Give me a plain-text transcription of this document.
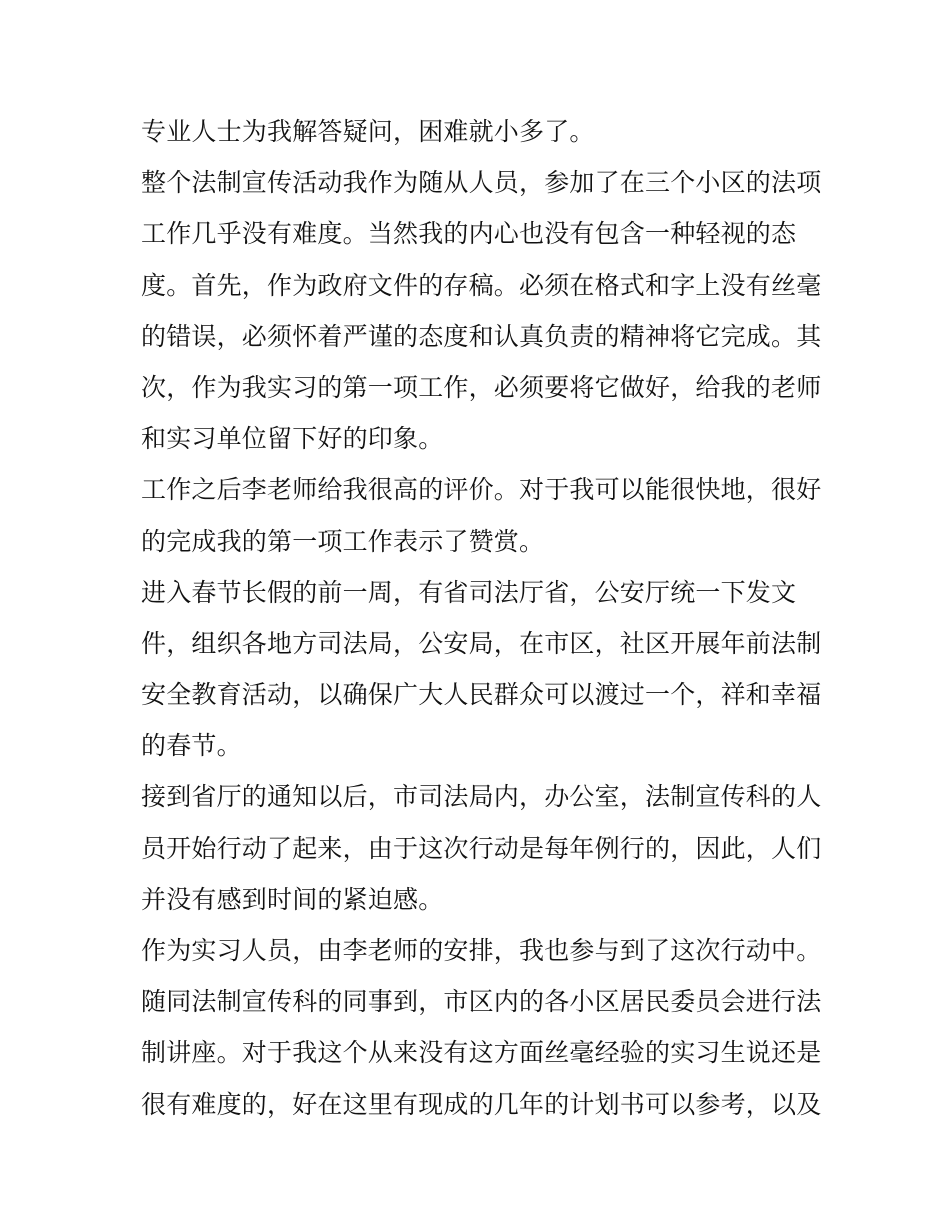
专业人士为我解答疑问，困难就小多了。
整个法制宣传活动我作为随从人员，参加了在三个小区的法项
工作几乎没有难度。当然我的内心也没有包含一种轻视的态
度。首先，作为政府文件的存稿。必须在格式和字上没有丝毫
的错误，必须怀着严谨的态度和认真负责的精神将它完成。其
次，作为我实习的第一项工作，必须要将它做好，给我的老师
和实习单位留下好的印象。
工作之后李老师给我很高的评价。对于我可以能很快地，很好
的完成我的第一项工作表示了赞赏。
进入春节长假的前一周，有省司法厅省，公安厅统一下发文
件，组织各地方司法局，公安局，在市区，社区开展年前法制
安全教育活动，以确保广大人民群众可以渡过一个，祥和幸福
的春节。
接到省厅的通知以后，市司法局内，办公室，法制宣传科的人
员开始行动了起来，由于这次行动是每年例行的，因此，人们
并没有感到时间的紧迫感。
作为实习人员，由李老师的安排，我也参与到了这次行动中。
随同法制宣传科的同事到，市区内的各小区居民委员会进行法
制讲座。对于我这个从来没有这方面丝毫经验的实习生说还是
很有难度的，好在这里有现成的几年的计划书可以参考，以及
